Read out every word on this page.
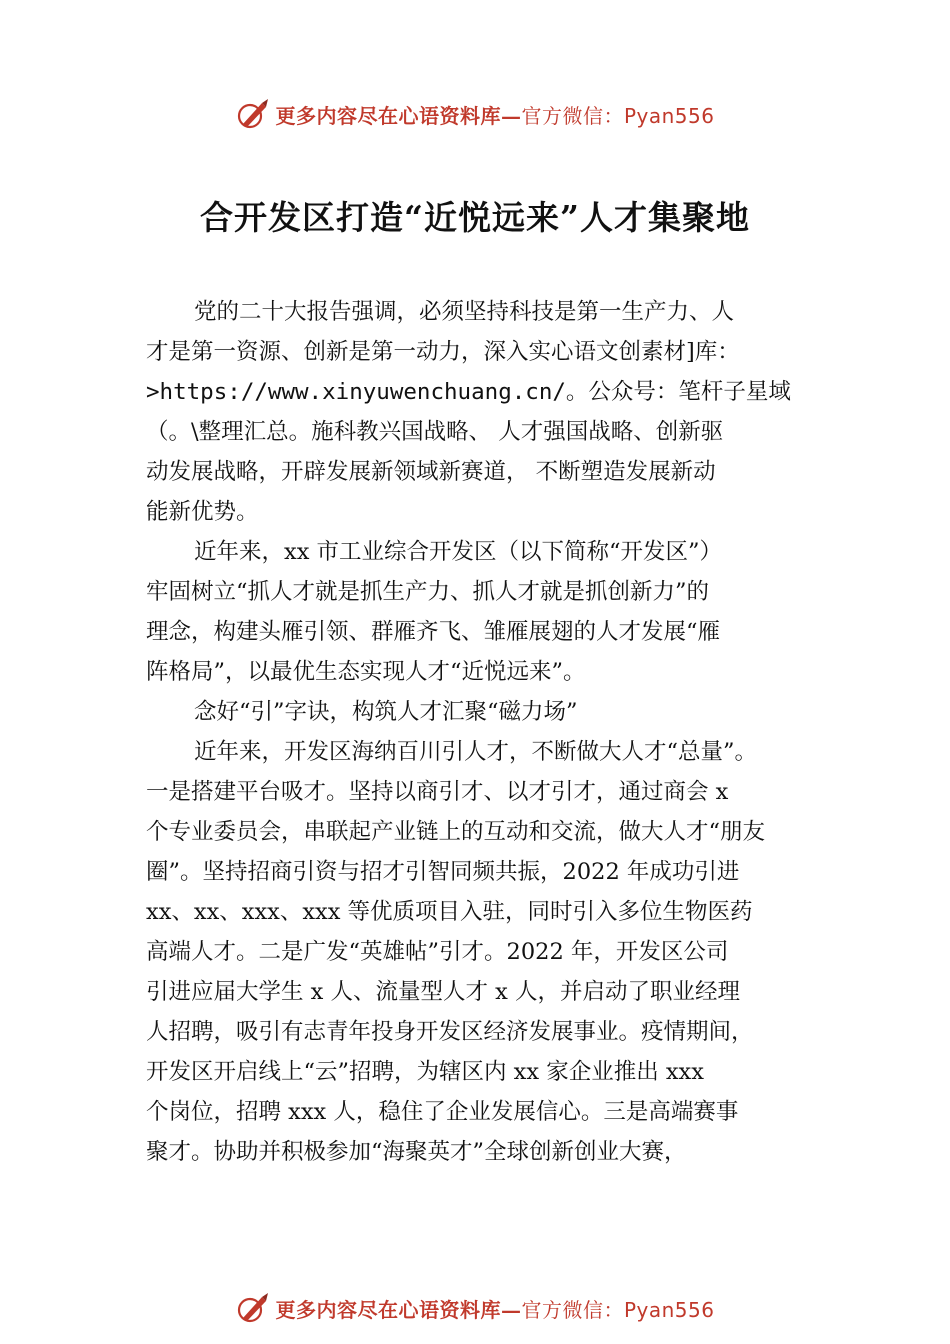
更多内容尽在心语资料库— 官方微信：Pyan556
合开发区打造“近悦远来”人才集聚地

党的二十大报告强调，必须坚持科技是第一生产力、人

才是第一资源、创新是第一动力，深入实心语文创素材]库：

>https://www.xinyuwenchuang.cn/。公众号：笔杆子星域

（。\整理汇总。施科教兴国战略、 人才强国战略、创新驱

动发展战略，开辟发展新领域新赛道， 不断塑造发展新动

能新优势。

近年来，xx 市工业综合开发区（以下简称“开发区”）

牢固树立“抓人才就是抓生产力、抓人才就是抓创新力”的

理念，构建头雁引领、群雁齐飞、雏雁展翅的人才发展“雁

阵格局”，以最优生态实现人才“近悦远来”。

念好“引”字诀，构筑人才汇聚“磁力场”

近年来，开发区海纳百川引人才，不断做大人才“总量”。

一是搭建平台吸才。坚持以商引才、以才引才，通过商会 x

个专业委员会，串联起产业链上的互动和交流，做大人才“朋友

圈”。坚持招商引资与招才引智同频共振，2022 年成功引进

xx、xx、xxx、xxx 等优质项目入驻，同时引入多位生物医药

高端人才。二是广发“英雄帖”引才。2022 年，开发区公司

引进应届大学生 x 人、流量型人才 x 人，并启动了职业经理

人招聘，吸引有志青年投身开发区经济发展事业。疫情期间，

开发区开启线上“云”招聘，为辖区内 xx 家企业推出 xxx

个岗位，招聘 xxx 人，稳住了企业发展信心。三是高端赛事

聚才。协助并积极参加“海聚英才”全球创新创业大赛，

更多内容尽在心语资料库— 官方微信：Pyan556
